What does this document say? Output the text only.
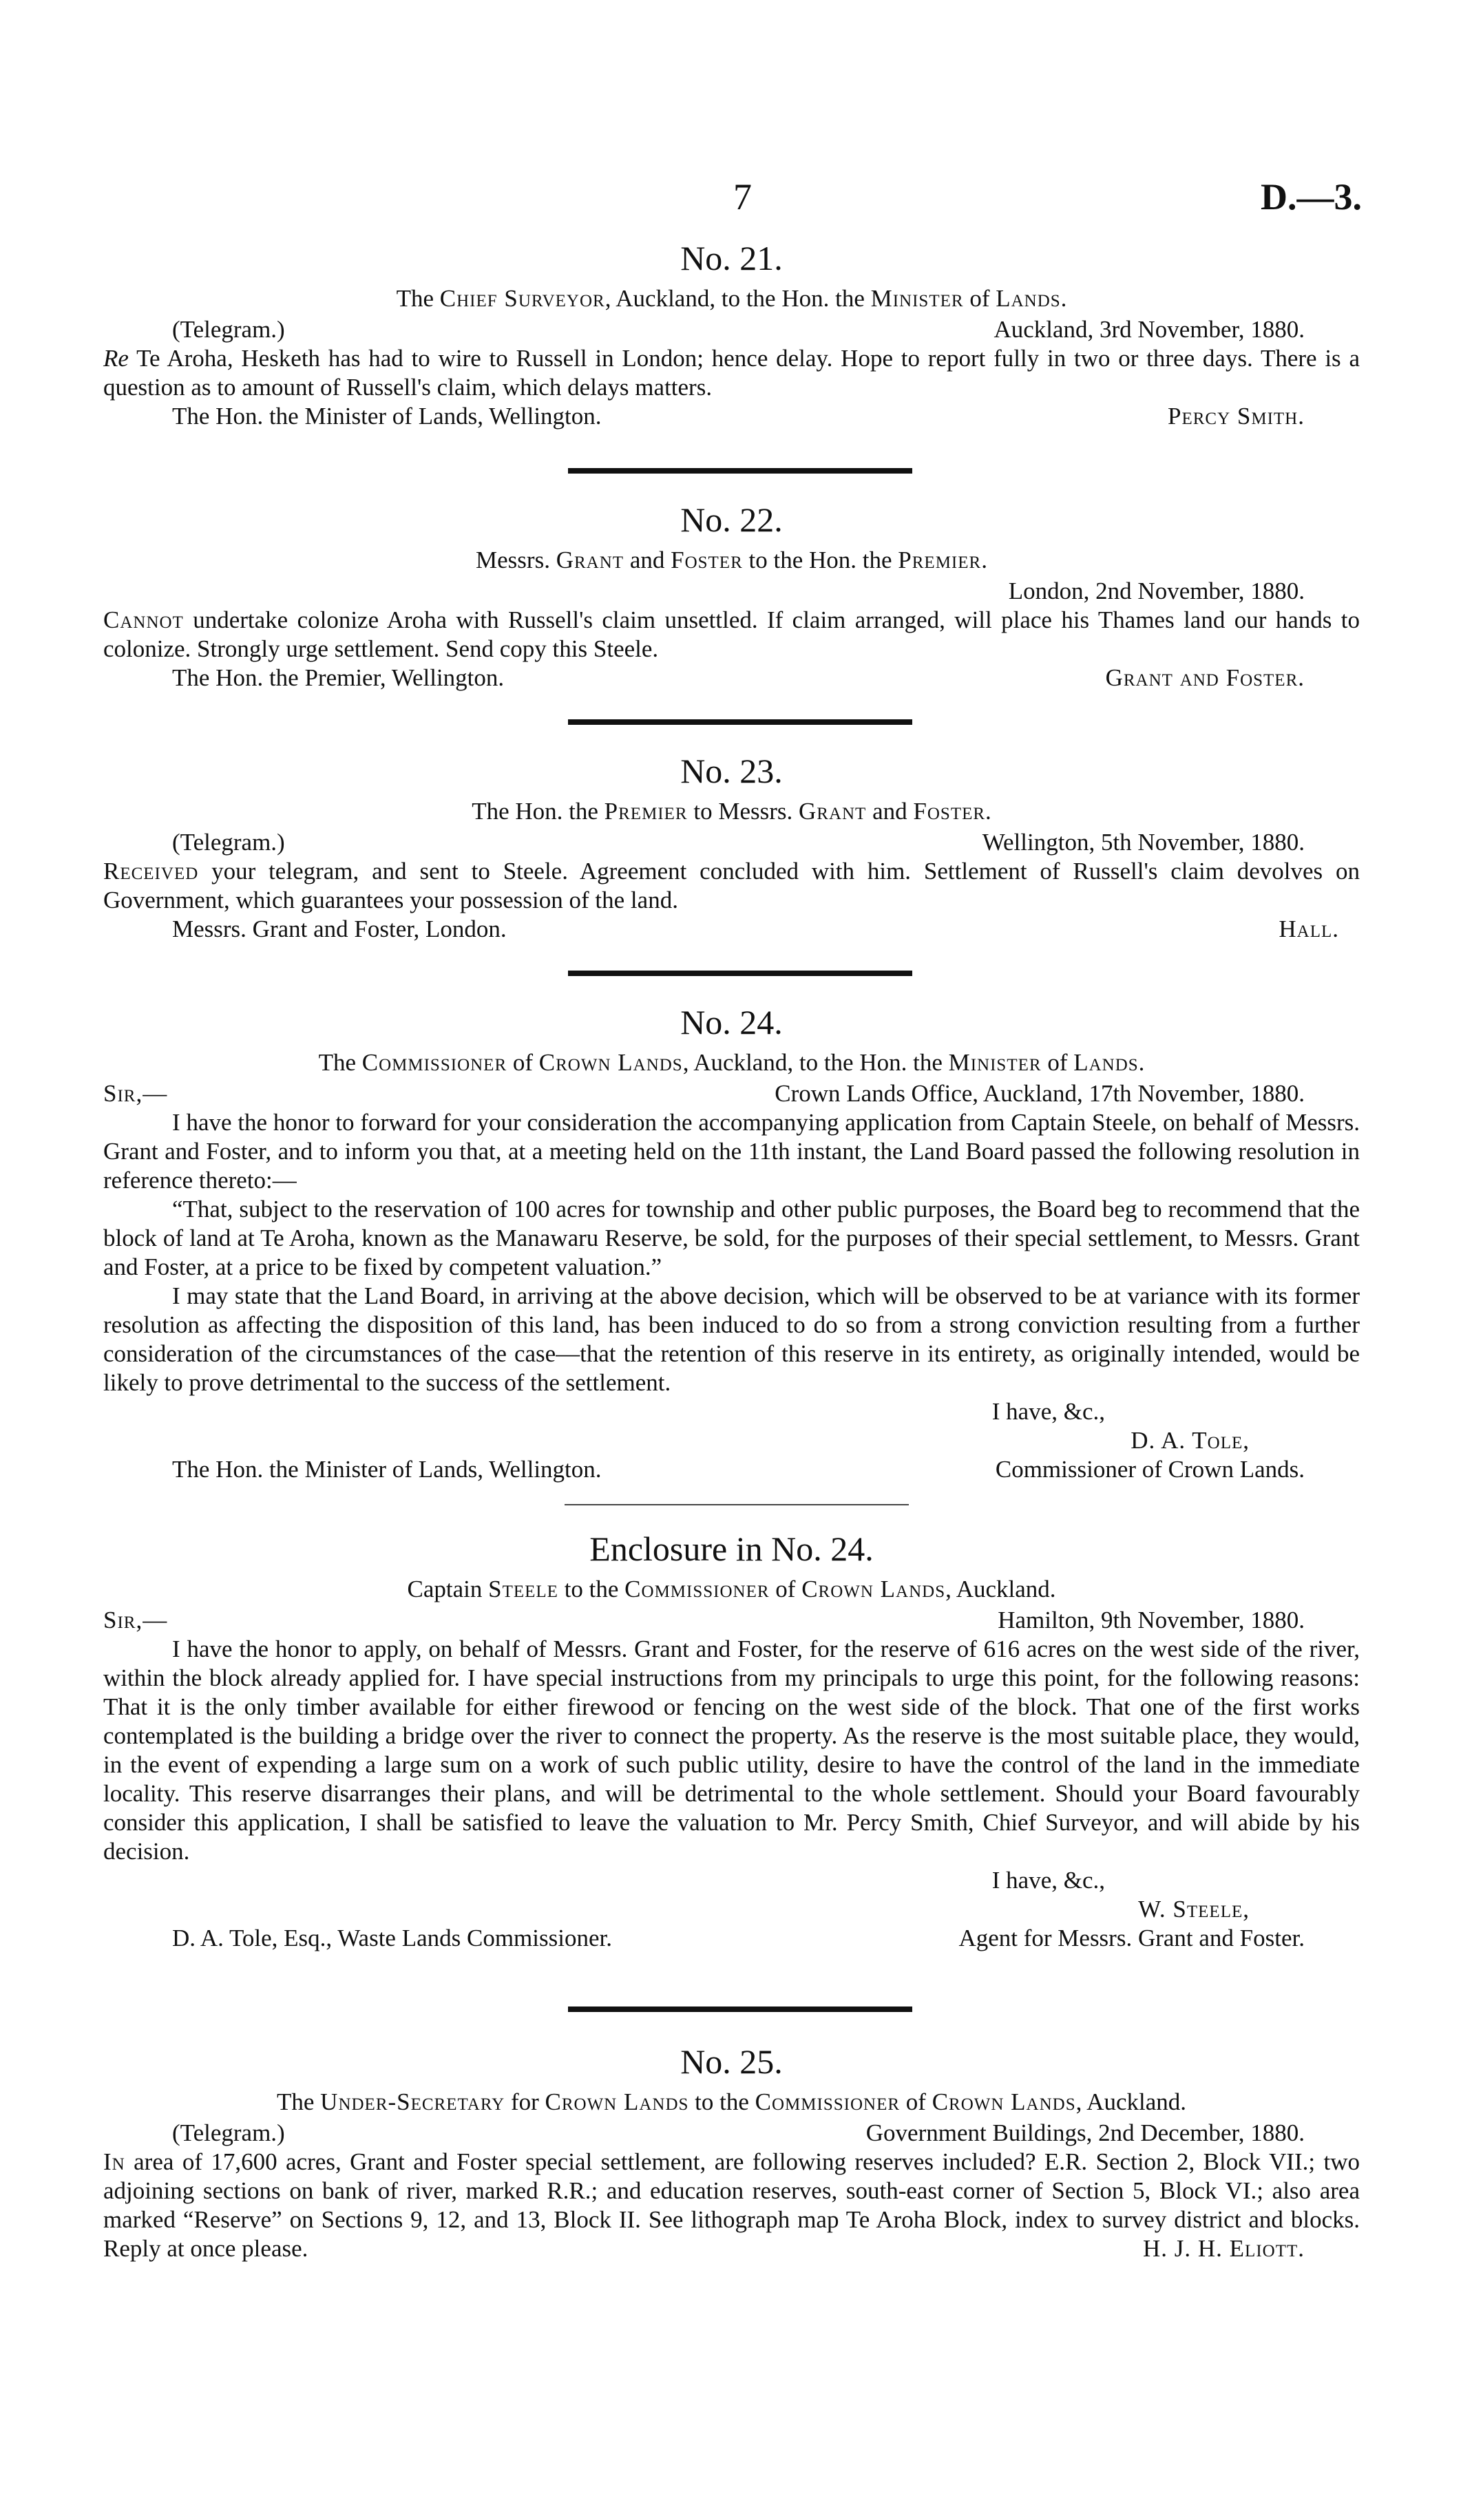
7	D.—3.
No. 21.
The Chief Surveyor, Auckland, to the Hon. the Minister of Lands.
(Telegram.)	Auckland, 3rd November, 1880.

Re Te Aroha, Hesketh has had to wire to Russell in London; hence delay. Hope to report fully in two or three days. There is a question as to amount of Russell's claim, which delays matters.

The Hon. the Minister of Lands, Wellington.	Percy Smith.
No. 22.
Messrs. Grant and Foster to the Hon. the Premier.
London, 2nd November, 1880.

Cannot undertake colonize Aroha with Russell's claim unsettled. If claim arranged, will place his Thames land our hands to colonize. Strongly urge settlement. Send copy this Steele.

The Hon. the Premier, Wellington.	Grant and Foster.
No. 23.
The Hon. the Premier to Messrs. Grant and Foster.
(Telegram.)	Wellington, 5th November, 1880.

Received your telegram, and sent to Steele. Agreement concluded with him. Settlement of Russell's claim devolves on Government, which guarantees your possession of the land.

Messrs. Grant and Foster, London.	Hall.
No. 24.
The Commissioner of Crown Lands, Auckland, to the Hon. the Minister of Lands.
Sir,—	Crown Lands Office, Auckland, 17th November, 1880.

I have the honor to forward for your consideration the accompanying application from Captain Steele, on behalf of Messrs. Grant and Foster, and to inform you that, at a meeting held on the 11th instant, the Land Board passed the following resolution in reference thereto:—

“That, subject to the reservation of 100 acres for township and other public purposes, the Board beg to recommend that the block of land at Te Aroha, known as the Manawaru Reserve, be sold, for the purposes of their special settlement, to Messrs. Grant and Foster, at a price to be fixed by competent valuation.”

I may state that the Land Board, in arriving at the above decision, which will be observed to be at variance with its former resolution as affecting the disposition of this land, has been induced to do so from a strong conviction resulting from a further consideration of the circumstances of the case—that the retention of this reserve in its entirety, as originally intended, would be likely to prove detrimental to the success of the settlement.

I have, &c.,
D. A. Tole,
The Hon. the Minister of Lands, Wellington.	Commissioner of Crown Lands.
Enclosure in No. 24.
Captain Steele to the Commissioner of Crown Lands, Auckland.
Sir,—	Hamilton, 9th November, 1880.

I have the honor to apply, on behalf of Messrs. Grant and Foster, for the reserve of 616 acres on the west side of the river, within the block already applied for. I have special instructions from my principals to urge this point, for the following reasons: That it is the only timber available for either firewood or fencing on the west side of the block. That one of the first works contemplated is the building a bridge over the river to connect the property. As the reserve is the most suitable place, they would, in the event of expending a large sum on a work of such public utility, desire to have the control of the land in the immediate locality. This reserve disarranges their plans, and will be detrimental to the whole settlement. Should your Board favourably consider this application, I shall be satisfied to leave the valuation to Mr. Percy Smith, Chief Surveyor, and will abide by his decision.

I have, &c.,
W. Steele,
D. A. Tole, Esq., Waste Lands Commissioner.	Agent for Messrs. Grant and Foster.
No. 25.
The Under-Secretary for Crown Lands to the Commissioner of Crown Lands, Auckland.
(Telegram.)	Government Buildings, 2nd December, 1880.

In area of 17,600 acres, Grant and Foster special settlement, are following reserves included? E.R. Section 2, Block VII.; two adjoining sections on bank of river, marked R.R.; and education reserves, south-east corner of Section 5, Block VI.; also area marked “Reserve” on Sections 9, 12, and 13, Block II. See lithograph map Te Aroha Block, index to survey district and blocks. Reply at once please.	H. J. H. Eliott.
